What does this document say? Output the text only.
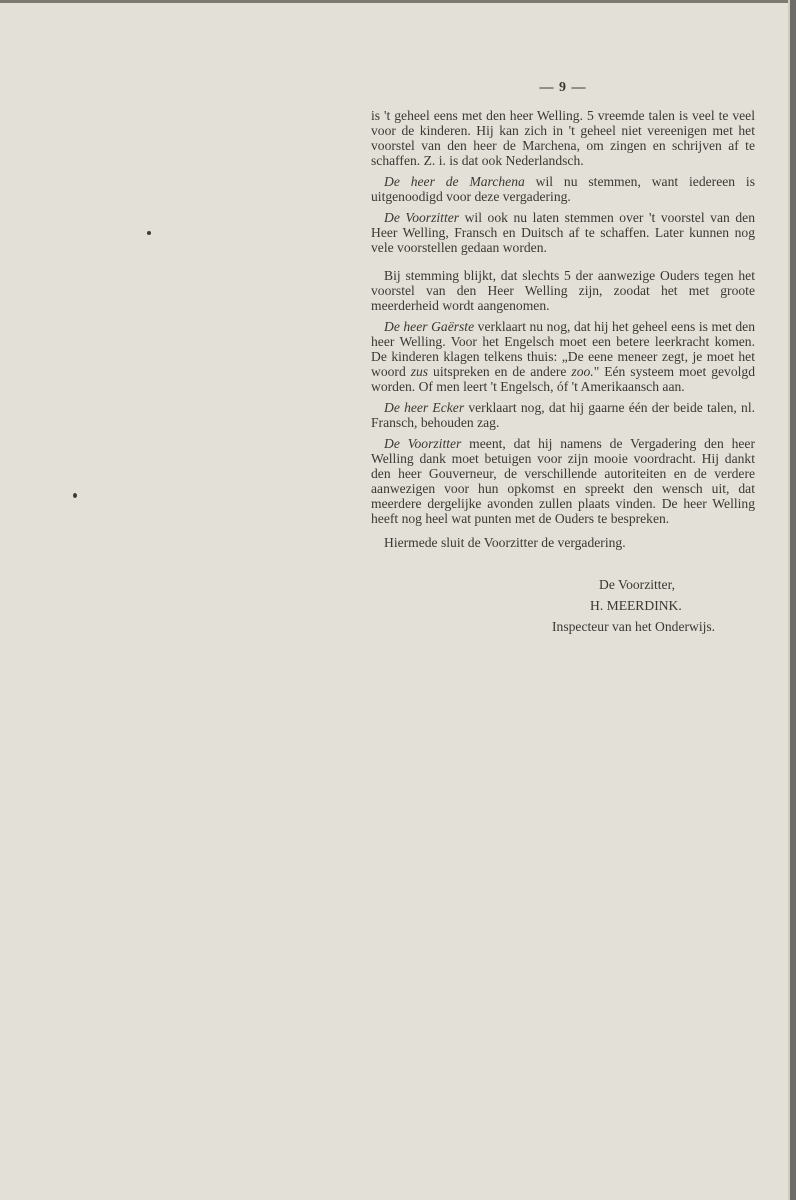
— 9 —

is 't geheel eens met den heer Welling. 5 vreemde talen is veel te veel voor de kinderen. Hij kan zich in 't geheel niet vereenigen met het voorstel van den heer de Marchena, om zingen en schrijven af te schaffen. Z. i. is dat ook Nederlandsch.

De heer de Marchena wil nu stemmen, want iedereen is uitgenoodigd voor deze vergadering.

De Voorzitter wil ook nu laten stemmen over 't voorstel van den Heer Welling, Fransch en Duitsch af te schaffen. Later kunnen nog vele voorstellen gedaan worden.

Bij stemming blijkt, dat slechts 5 der aanwezige Ouders tegen het voorstel van den Heer Welling zijn, zoodat het met groote meerderheid wordt aangenomen.

De heer Gaërste verklaart nu nog, dat hij het geheel eens is met den heer Welling. Voor het Engelsch moet een betere leerkracht komen. De kinderen klagen telkens thuis: „De eene meneer zegt, je moet het woord zus uitspreken en de andere zoo." Eén systeem moet gevolgd worden. Of men leert 't Engelsch, óf 't Amerikaansch aan.

De heer Ecker verklaart nog, dat hij gaarne één der beide talen, nl. Fransch, behouden zag.

De Voorzitter meent, dat hij namens de Vergadering den heer Welling dank moet betuigen voor zijn mooie voordracht. Hij dankt den heer Gouverneur, de verschillende autoriteiten en de verdere aanwezigen voor hun opkomst en spreekt den wensch uit, dat meerdere dergelijke avonden zullen plaats vinden. De heer Welling heeft nog heel wat punten met de Ouders te bespreken.

Hiermede sluit de Voorzitter de vergadering.

De Voorzitter,
H. MEERDINK.
Inspecteur van het Onderwijs.
